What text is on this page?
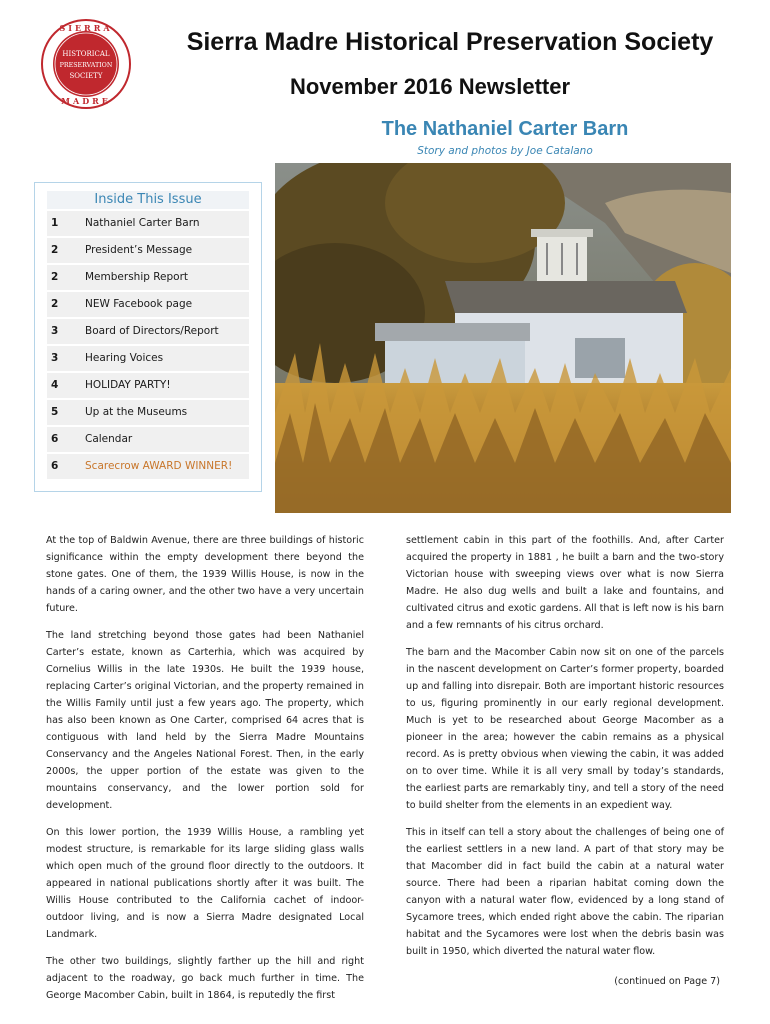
SIERRA
HISTORICAL
PRESERVATION
SOCIETY
MADRE
Sierra Madre Historical Preservation Society
November 2016 Newsletter
The Nathaniel Carter Barn
Story and photos by Joe Catalano
Inside This Issue
1	Nathaniel Carter Barn
2	President’s Message
2	Membership Report
2	NEW Facebook page
3	Board of Directors/Report
3	Hearing Voices
4	HOLIDAY PARTY!
5	Up at the Museums
6	Calendar
6	Scarecrow AWARD WINNER!

At the top of Baldwin Avenue, there are three buildings of historic significance within the empty development there beyond the stone gates. One of them, the 1939 Willis House, is now in the hands of a caring owner, and the other two have a very uncertain future.

The land stretching beyond those gates had been Nathaniel Carter’s estate, known as Carterhia, which was acquired by Cornelius Willis in the late 1930s. He built the 1939 house, replacing Carter’s original Victorian, and the property remained in the Willis Family until just a few years ago. The property, which has also been known as One Carter, comprised 64 acres that is contiguous with land held by the Sierra Madre Mountains Conservancy and the Angeles National Forest. Then, in the early 2000s, the upper portion of the estate was given to the mountains conservancy, and the lower portion sold for development.

On this lower portion, the 1939 Willis House, a rambling yet modest structure, is remarkable for its large sliding glass walls which open much of the ground floor directly to the outdoors. It appeared in national publications shortly after it was built. The Willis House contributed to the California cachet of indoor-outdoor living, and is now a Sierra Madre designated Local Landmark.

The other two buildings, slightly farther up the hill and right adjacent to the roadway, go back much further in time. The George Macomber Cabin, built in 1864, is reputedly the first

settlement cabin in this part of the foothills. And, after Carter acquired the property in 1881 , he built a barn and the two-story Victorian house with sweeping views over what is now Sierra Madre. He also dug wells and built a lake and fountains, and cultivated citrus and exotic gardens. All that is left now is his barn and a few remnants of his citrus orchard.

The barn and the Macomber Cabin now sit on one of the parcels in the nascent development on Carter’s former property, boarded up and falling into disrepair. Both are important historic resources to us, figuring prominently in our early regional development. Much is yet to be researched about George Macomber as a pioneer in the area; however the cabin remains as a physical record. As is pretty obvious when viewing the cabin, it was added on to over time. While it is all very small by today’s standards, the earliest parts are remarkably tiny, and tell a story of the need to build shelter from the elements in an expedient way.

This in itself can tell a story about the challenges of being one of the earliest settlers in a new land. A part of that story may be that Macomber did in fact build the cabin at a natural water source. There had been a riparian habitat coming down the canyon with a natural water flow, evidenced by a long stand of Sycamore trees, which ended right above the cabin. The riparian habitat and the Sycamores were lost when the debris basin was built in 1950, which diverted the natural water flow.

(continued on Page 7)
